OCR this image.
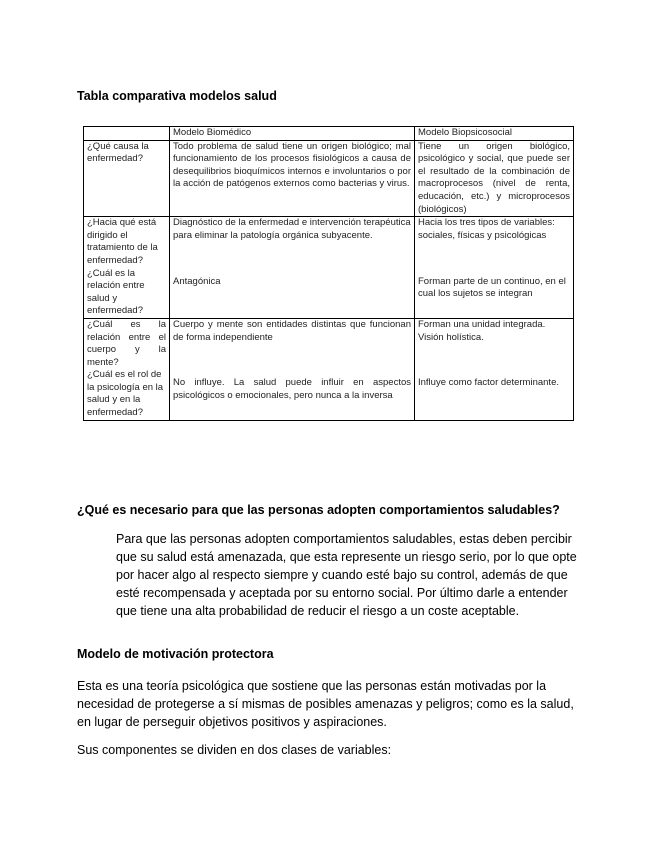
Tabla comparativa modelos salud
	Modelo Biomédico	Modelo Biopsicosocial
¿Qué causa la enfermedad?	Todo problema de salud tiene un origen biológico; mal funcionamiento de los procesos fisiológicos a causa de desequilibrios bioquímicos internos e involuntarios o por la acción de patógenos externos como bacterias y virus.	Tiene un origen biológico, psicológico y social, que puede ser el resultado de la combinación de macroprocesos (nivel de renta, educación, etc.) y microprocesos (biológicos)
¿Hacia qué está dirigido el tratamiento de la enfermedad?	Diagnóstico de la enfermedad e intervención terapéutica para eliminar la patología orgánica subyacente.	Hacia los tres tipos de variables: sociales, físicas y psicológicas
¿Cuál es la relación entre salud y enfermedad?	Antagónica	Forman parte de un continuo, en el cual los sujetos se integran
¿Cuál es la relación entre el cuerpo y la mente?	Cuerpo y mente son entidades distintas que funcionan de forma independiente	Forman una unidad integrada. Visión holística.
¿Cuál es el rol de la psicología en la salud y en la enfermedad?	No influye. La salud puede influir en aspectos psicológicos o emocionales, pero nunca a la inversa	Influye como factor determinante.
¿Qué es necesario para que las personas adopten comportamientos saludables?
Para que las personas adopten comportamientos saludables, estas deben percibir que su salud está amenazada, que esta represente un riesgo serio, por lo que opte por hacer algo al respecto siempre y cuando esté bajo su control, además de que esté recompensada y aceptada por su entorno social. Por último darle a entender que tiene una alta probabilidad de reducir el riesgo a un coste aceptable.
Modelo de motivación protectora
Esta es una teoría psicológica que sostiene que las personas están motivadas por la necesidad de protegerse a sí mismas de posibles amenazas y peligros; como es la salud, en lugar de perseguir objetivos positivos y aspiraciones.
Sus componentes se dividen en dos clases de variables:
